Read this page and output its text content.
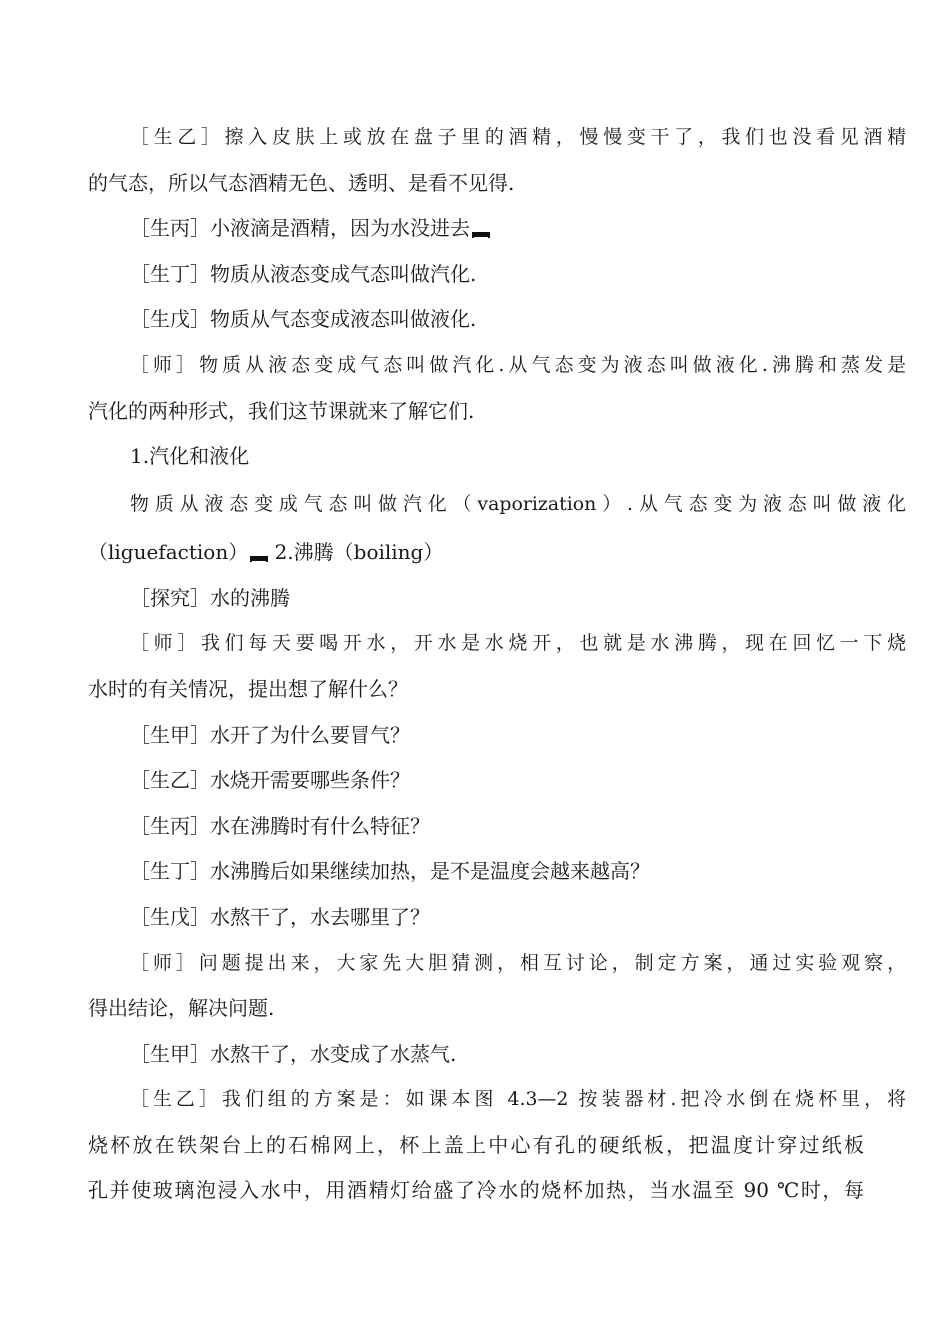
［生乙］擦入皮肤上或放在盘子里的酒精，慢慢变干了，我们也没看见酒精
的气态，所以气态酒精无色、透明、是看不见得.
［生丙］小液滴是酒精，因为水没进去
［生丁］物质从液态变成气态叫做汽化.
［生戊］物质从气态变成液态叫做液化.
［师］物质从液态变成气态叫做汽化.从气态变为液态叫做液化.沸腾和蒸发是
汽化的两种形式，我们这节课就来了解它们.
1.汽化和液化
物质从液态变成气态叫做汽化（vaporization）.从气态变为液态叫做液化
（liguefaction） 2.沸腾（boiling）
［探究］水的沸腾
［师］我们每天要喝开水，开水是水烧开，也就是水沸腾，现在回忆一下烧
水时的有关情况，提出想了解什么？
［生甲］水开了为什么要冒气？
［生乙］水烧开需要哪些条件？
［生丙］水在沸腾时有什么特征？
［生丁］水沸腾后如果继续加热，是不是温度会越来越高？
［生戊］水熬干了，水去哪里了？
［师］问题提出来，大家先大胆猜测，相互讨论，制定方案，通过实验观察，
得出结论，解决问题.
［生甲］水熬干了，水变成了水蒸气.
［生乙］我们组的方案是：如课本图 4.3—2 按装器材.把冷水倒在烧杯里，将
烧杯放在铁架台上的石棉网上，杯上盖上中心有孔的硬纸板，把温度计穿过纸板
孔并使玻璃泡浸入水中，用酒精灯给盛了冷水的烧杯加热，当水温至 90 ℃时，每
